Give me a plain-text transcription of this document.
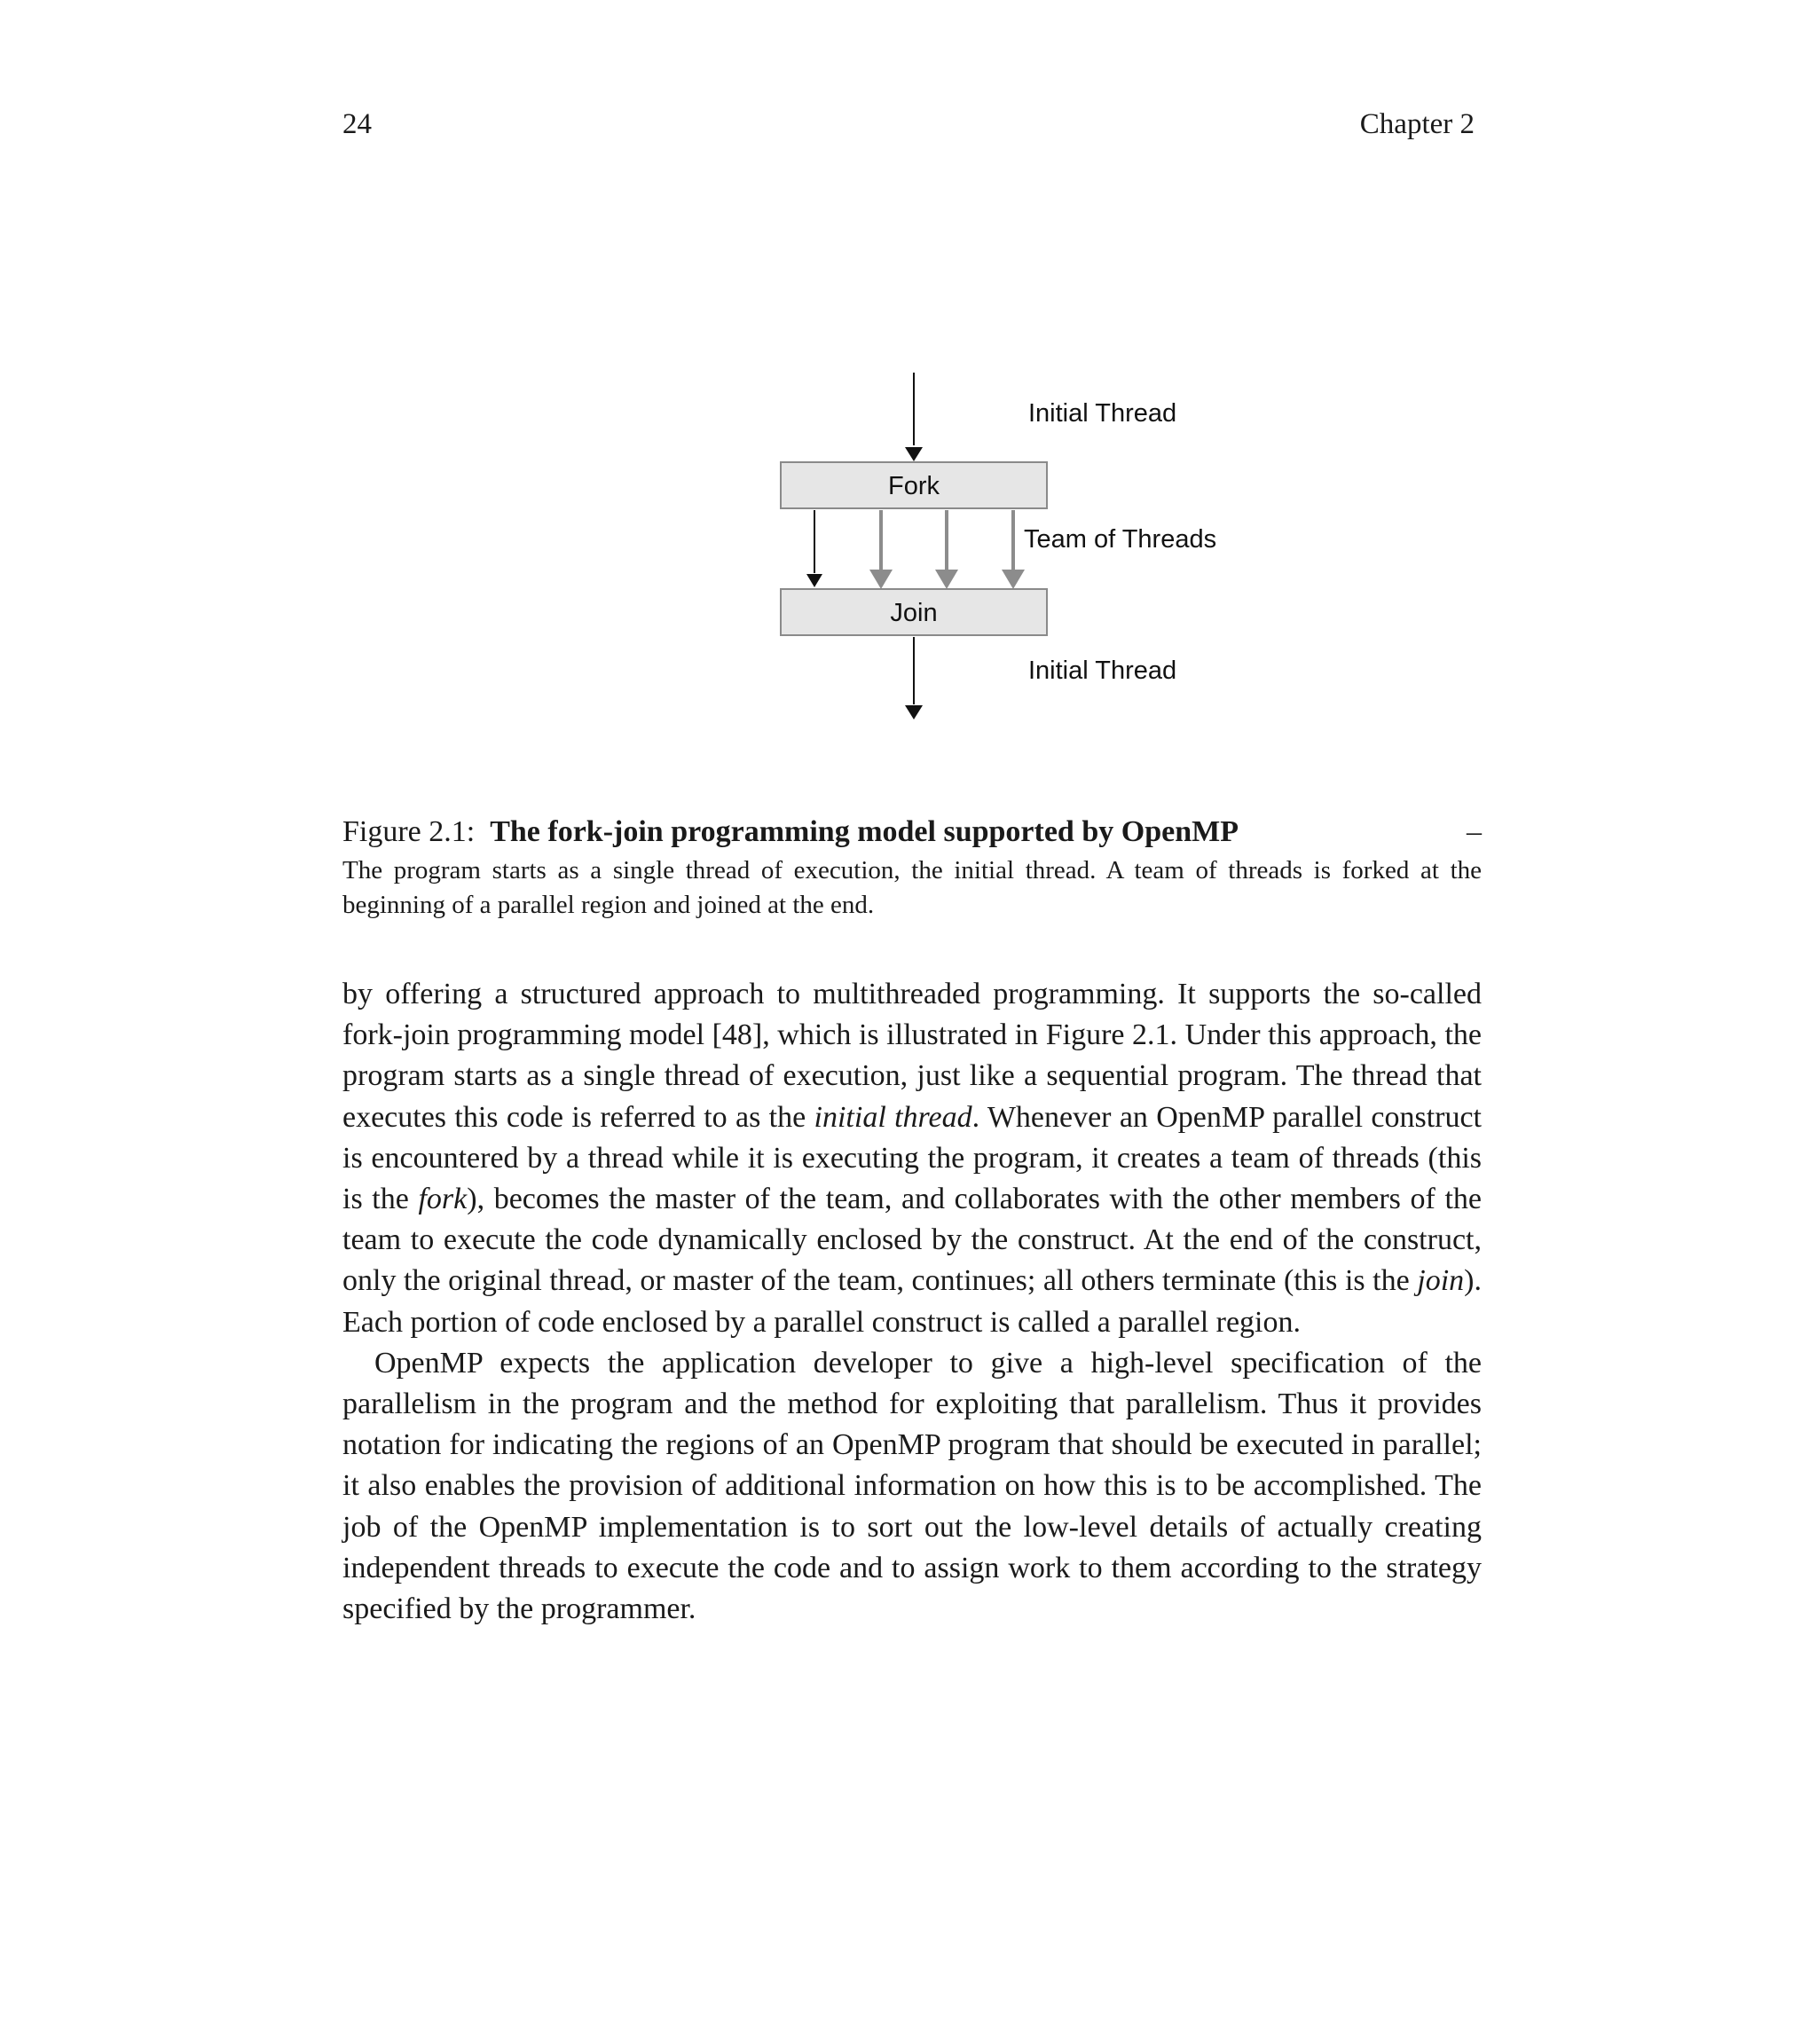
24	Chapter 2
Fork
Join
Initial Thread
Team of Threads
Initial Thread
Figure 2.1: The fork-join programming model supported by OpenMP	–
The program starts as a single thread of execution, the initial thread. A team of threads is forked at the beginning of a parallel region and joined at the end.

by offering a structured approach to multithreaded programming. It supports the so-called fork-join programming model [48], which is illustrated in Figure 2.1. Under this approach, the program starts as a single thread of execution, just like a sequential program. The thread that executes this code is referred to as the initial thread. Whenever an OpenMP parallel construct is encountered by a thread while it is executing the program, it creates a team of threads (this is the fork), becomes the master of the team, and collaborates with the other members of the team to execute the code dynamically enclosed by the construct. At the end of the construct, only the original thread, or master of the team, continues; all others terminate (this is the join). Each portion of code enclosed by a parallel construct is called a parallel region.

OpenMP expects the application developer to give a high-level specification of the parallelism in the program and the method for exploiting that parallelism. Thus it provides notation for indicating the regions of an OpenMP program that should be executed in parallel; it also enables the provision of additional information on how this is to be accomplished. The job of the OpenMP implementation is to sort out the low-level details of actually creating independent threads to execute the code and to assign work to them according to the strategy specified by the programmer.
